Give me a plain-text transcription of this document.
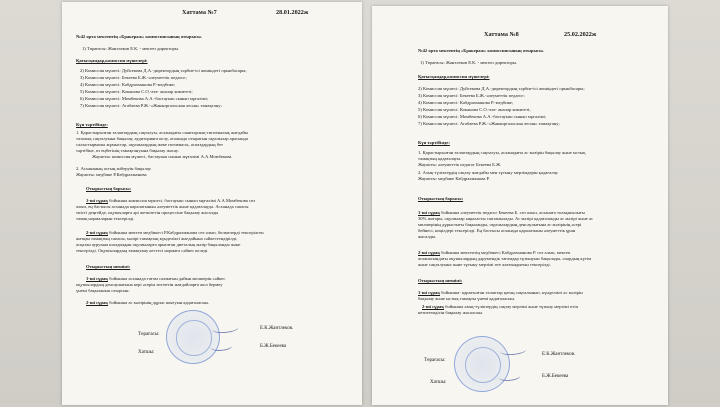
Хаттама №7	28.01.2022ж
№42 орта мектептің «Бракераж» комиссиясының отырысы.
1) Төрағасы: Жантлеков Е.К. - мектеп директоры.
Қатысқандар,комиссия мүшелері:
2) Комиссия мүшесі: Дуйсекова Д.А.-директордың тәрбие-ісі жөніндегі орынбасары;
3) Комиссия мүшесі: Бекеева Б.Ж.-әлеуметтік педагог;
4) Комиссия мүшесі: Кабдрахманова Р.-медбике;
5) Комиссия мүшесі: Коканова С.О.-ата- аналар комитеті;
6) Комиссия мүшесі: Момбекова А.А.-бастауыш сынып мұғалімі;
7) Комиссия мүшесі: Агабаева Р.Ж.-«Жанкоргальская лесня» тамақтану;
Күн тәртібінде:
1. Қарастырылған талаптардың сақталуы, асханадағы санитарлық-гигиеналық жағдайы
тазалық сақталуына бақылау, аудиторияға келу, асханада отыратын оқушылар арасында
салыстырмалы жұмыстар, оқушылардың жеке гигиенасы, аспаздардың бет
тәртібіне, өз еңбегінің тамақтануына бақылау жасау.
Жауапты: комиссия мүшесі, бастауыш сынып мұғалімі А.А.Момбекова.
2. Асхананың астың жіберуін бақылау.
Жауапты: медбике Р.Кабдрахманова
Отырыстың барысы:
1-ші сұрақ бойынша комиссия мүшесі, бастауыш сынып мұғалімі А.А.Момбекова сөз
алып, ең бастысы асханада каралатынын әлеуметтік және қадағалауда. Асханада сапасы
тиісті деңгейде, оқушыларға әрі жеткізетін процессіне бақылау жасалды
тамақ нормаларын тексерілді.
2-ші сұрақ бойынша мектеп медбикесі Р.Кабдрахманова сөз алып, бөлмелерді тексерілген
жатқан тамақтың сапасы, мәзірі тамақтың күнделікті жағдайына сәйкестендірілді,
асқазан ауруына шалдыққан оқушыларға арналған диеталық мәзір бақыланды және
тексерілді. Оқушылардың тамақтану кестесі нормаға сәйкес келеді.
Отырыстың шешімі:
1-ші сұрақ бойынша асханада тағам салмағын дайын мөлшерін сәйкес
оқушылардың денсаулығына кері әсерін тигізетін жағдайларға жол бермеу
үнемі бақыланып отырсын.
2-ші сұрақ бойынша ас мәзірінің дұрыс шығуын қадағаласын.
Төрағасы:
Е.К.Жантлеков.
Хатшы:
Б.Ж.Бекеева
Хаттама №8	25.02.2022ж
№42 орта мектептің «Бракераж» комиссиясының отырысы.
1) Төрағасы: Жантлеков Е.К. - мектеп директоры.
Қатысқандар,комиссия мүшелері:
2) Комиссия мүшесі: Дуйсекова Д.А.-директордың тәрбие-ісі жөніндегі орынбасары;
3) Комиссия мүшесі: Бекеева Б.Ж.-әлеуметтік педагог;
4) Комиссия мүшесі: Кабдрахманова Р.-медбике;
5) Комиссия мүшесі: Коканова С.О.-ата- аналар комитеті;
6) Комиссия мүшесі: Момбекова А.А.-бастауыш сынып мұғалімі;
7) Комиссия мүшесі: Агабаева Р.Ж.-«Жанкоргальская лесня» тамақтану;
Күн тәртібінде:
1. Қарастырылған талаптардың сақталуы, асханадағы ас мәзірін бақылау және ыстық
тамақтың қадағалауы.
Жауапты: әлеуметтік педагог Бекеева Б.Ж.
2. Азық-түліктердің сақтау жағдайы мен тұтыну мерзімдерін қадағалау.
Жауапты: медбике Кабдрахманова Р.
Отырыстың барысы:
1-ші сұрақ бойынша әлеуметтік педагог Бекеева Б. сөз алып, асханаға тольқшылығы
30% жоғары, оқушылар ықыласты саптанылады. Ас мәзірі қадағаланды ас мәзірі және ас
мөлшерінің дұрыстығы бақыланды, оқушылардың денсаулығына ас мәзірінің әсері
бейнесі, көңілдері тексерілді. Ең бастысы асханада қаралатыны әлеуметтік ұран
жасалды.
2-ші сұрақ бойынша мектептің медбикесі Кабдрахманова Р. сөз алып, мектеп
асханасындағы оқушылардың дәрумендік тағамдар тұтынуын бақылады, олардың күтім
және сақталуына және тұтыну мерзімі өте алатындығын тексерілді.
Отырыстың шешімі:
1-ші сұрақ бойынша- қаратылған талаптар қатаң сақталынып, күнделікті ас мәзірін
бақылау және ыстық тамақты үнемі қадағаласын.
2-ші сұрақ бойынша азық-түліктердің сақтау мерзімі және тұтыну мерзімі өтіп
кетпегендігін бақылау жасалсын.
Төрағасы:
Е.К.Жантлеков.
Хатшы:
Б.Ж.Бекеева
